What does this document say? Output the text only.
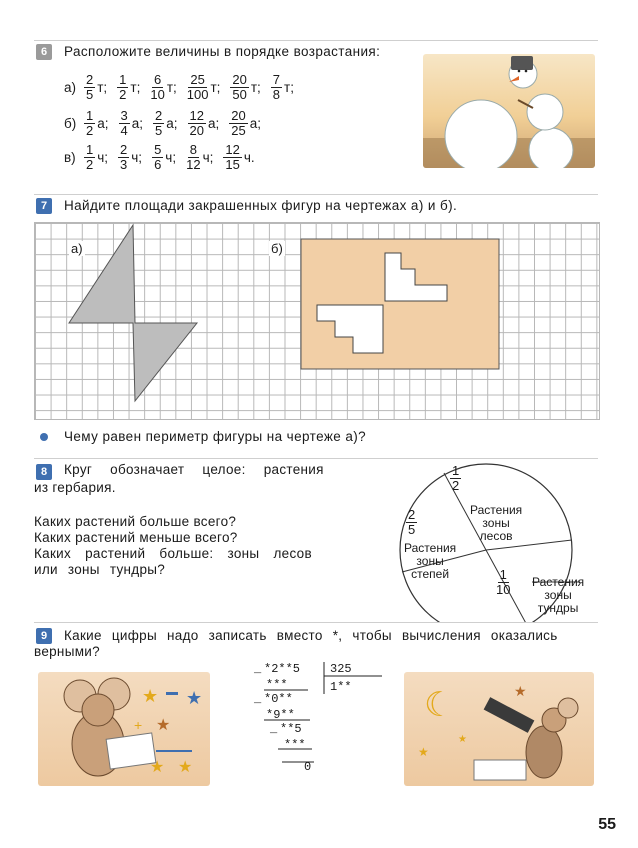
6	Расположите величины в порядке возрастания:
$а) \frac{2}{5} т$; $\frac{1}{2} т$; $\frac{6}{10} т$; $\frac{25}{100} т$; $\frac{20}{50} т$; $\frac{7}{8} т$;
$б) \frac{1}{2} а$; $\frac{3}{4} а$; $\frac{2}{5} а$; $\frac{12}{20} а$; $\frac{20}{25} а$;
$в) \frac{1}{2} ч$; $\frac{2}{3} ч$; $\frac{5}{6} ч$; $\frac{8}{12} ч$; $\frac{12}{15} ч$.
7	Найдите площади закрашенных фигур на чертежах а) и б).
а)	б)
Чему равен периметр фигуры на чертеже а)?
8	Круг обозначает целое: растения
из гербария.
Каких растений больше всего?
Каких растений меньше всего?
Каких растений больше: зоны лесов
или зоны тундры?
$\frac{1}{2}$
$\frac{2}{5}$
$\frac{1}{10}$
Растения
зоны
лесов
Растения
зоны
степей
Растения
зоны
тундры
9	Какие цифры надо записать вместо *, чтобы вычисления оказались
верными?
★ ★
+ ★
★ ★
_ *2**5 325
1**
***
_ *0**
*9**
_ **5
***
0
☾	★
★
★
55
